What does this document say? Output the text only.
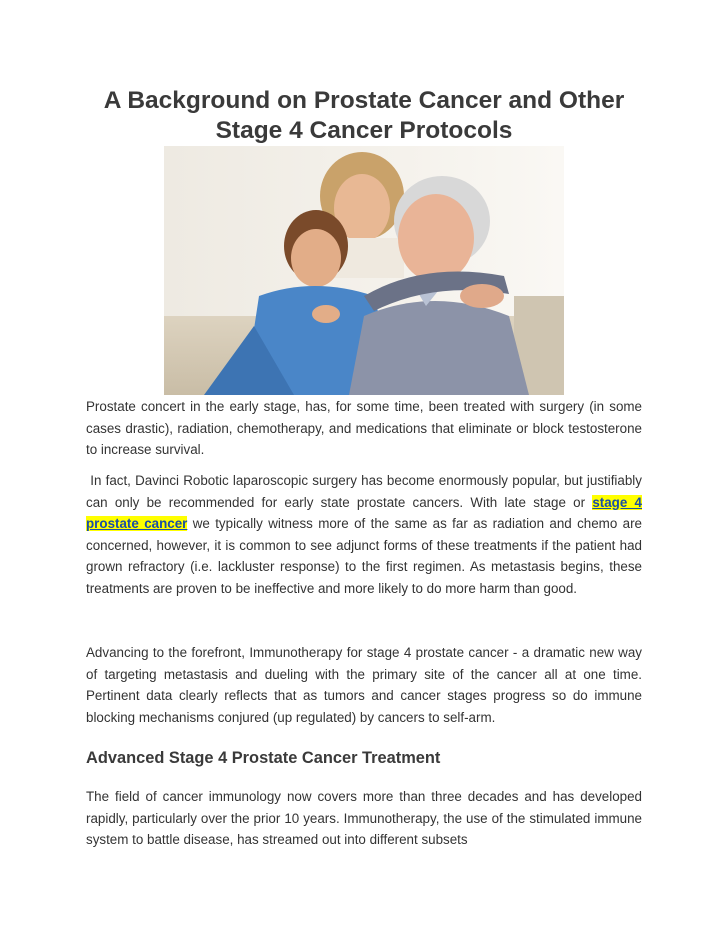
A Background on Prostate Cancer and Other Stage 4 Cancer Protocols

Prostate concert in the early stage, has, for some time, been treated with surgery (in some cases drastic), radiation, chemotherapy, and medications that eliminate or block testosterone to increase survival.

In fact, Davinci Robotic laparoscopic surgery has become enormously popular, but justifiably can only be recommended for early state prostate cancers. With late stage or stage 4 prostate cancer we typically witness more of the same as far as radiation and chemo are concerned, however, it is common to see adjunct forms of these treatments if the patient had grown refractory (i.e. lackluster response) to the first regimen. As metastasis begins, these treatments are proven to be ineffective and more likely to do more harm than good.

Advancing to the forefront, Immunotherapy for stage 4 prostate cancer - a dramatic new way of targeting metastasis and dueling with the primary site of the cancer all at one time. Pertinent data clearly reflects that as tumors and cancer stages progress so do immune blocking mechanisms conjured (up regulated) by cancers to self-arm.

Advanced Stage 4 Prostate Cancer Treatment

The field of cancer immunology now covers more than three decades and has developed rapidly, particularly over the prior 10 years. Immunotherapy, the use of the stimulated immune system to battle disease, has streamed out into different subsets
